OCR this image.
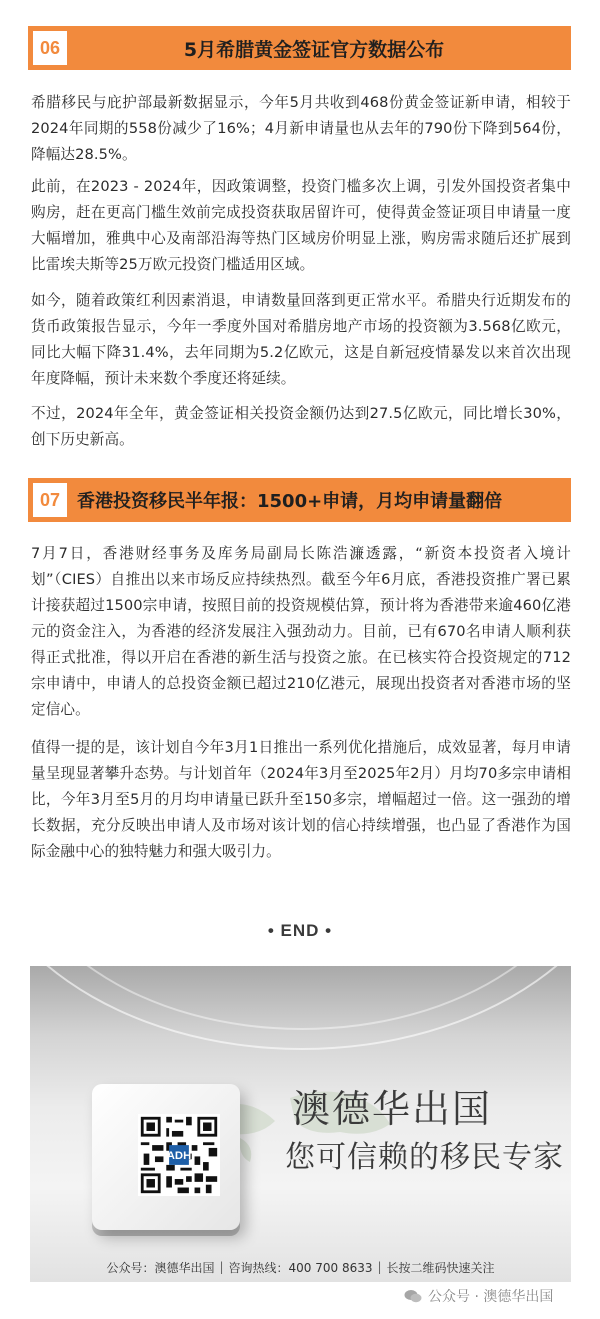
06	5月希腊黄金签证官方数据公布

希腊移民与庇护部最新数据显示，今年5月共收到468份黄金签证新申请，相较于2024年同期的558份减少了16%；4月新申请量也从去年的790份下降到564份，降幅达28.5%。

此前，在2023 - 2024年，因政策调整，投资门槛多次上调，引发外国投资者集中购房，赶在更高门槛生效前完成投资获取居留许可，使得黄金签证项目申请量一度大幅增加，雅典中心及南部沿海等热门区域房价明显上涨，购房需求随后还扩展到比雷埃夫斯等25万欧元投资门槛适用区域。

如今，随着政策红利因素消退，申请数量回落到更正常水平。希腊央行近期发布的货币政策报告显示，今年一季度外国对希腊房地产市场的投资额为3.568亿欧元，同比大幅下降31.4%，去年同期为5.2亿欧元，这是自新冠疫情暴发以来首次出现年度降幅，预计未来数个季度还将延续。

不过，2024年全年，黄金签证相关投资金额仍达到27.5亿欧元，同比增长30%，创下历史新高。

07 香港投资移民半年报：1500+申请，月均申请量翻倍

7月7日，香港财经事务及库务局副局长陈浩濂透露，“新资本投资者入境计划”（CIES）自推出以来市场反应持续热烈。截至今年6月底，香港投资推广署已累计接获超过1500宗申请，按照目前的投资规模估算，预计将为香港带来逾460亿港元的资金注入，为香港的经济发展注入强劲动力。目前，已有670名申请人顺利获得正式批准，得以开启在香港的新生活与投资之旅。在已核实符合投资规定的712宗申请中，申请人的总投资金额已超过210亿港元，展现出投资者对香港市场的坚定信心。

值得一提的是，该计划自今年3月1日推出一系列优化措施后，成效显著，每月申请量呈现显著攀升态势。与计划首年（2024年3月至2025年2月）月均70多宗申请相比，今年3月至5月的月均申请量已跃升至150多宗，增幅超过一倍。这一强劲的增长数据，充分反映出申请人及市场对该计划的信心持续增强，也凸显了香港作为国际金融中心的独特魅力和强大吸引力。

• END •
ADH
澳德华出国
您可信赖的移民专家
公众号：澳德华出国 | 咨询热线：400 700 8633 | 长按二维码快速关注
公众号 · 澳德华出国
